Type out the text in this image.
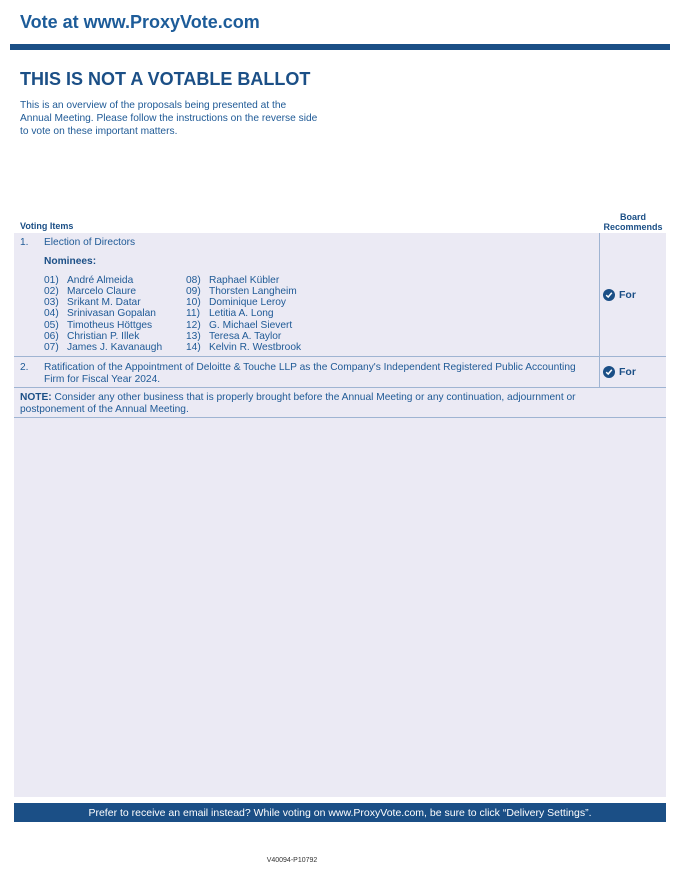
Vote at www.ProxyVote.com
THIS IS NOT A VOTABLE BALLOT
This is an overview of the proposals being presented at the Annual Meeting. Please follow the instructions on the reverse side to vote on these important matters.
Voting Items
Board
Recommends
1. Election of Directors
Nominees:
01) André Almeida
02) Marcelo Claure
03) Srikant M. Datar
04) Srinivasan Gopalan
05) Timotheus Höttges
06) Christian P. Illek
07) James J. Kavanaugh
08) Raphael Kübler
09) Thorsten Langheim
10) Dominique Leroy
11) Letitia A. Long
12) G. Michael Sievert
13) Teresa A. Taylor
14) Kelvin R. Westbrook
For
2. Ratification of the Appointment of Deloitte & Touche LLP as the Company's Independent Registered Public Accounting Firm for Fiscal Year 2024.
For
NOTE: Consider any other business that is properly brought before the Annual Meeting or any continuation, adjournment or postponement of the Annual Meeting.
Prefer to receive an email instead? While voting on www.ProxyVote.com, be sure to click “Delivery Settings”.
V40094-P10792
